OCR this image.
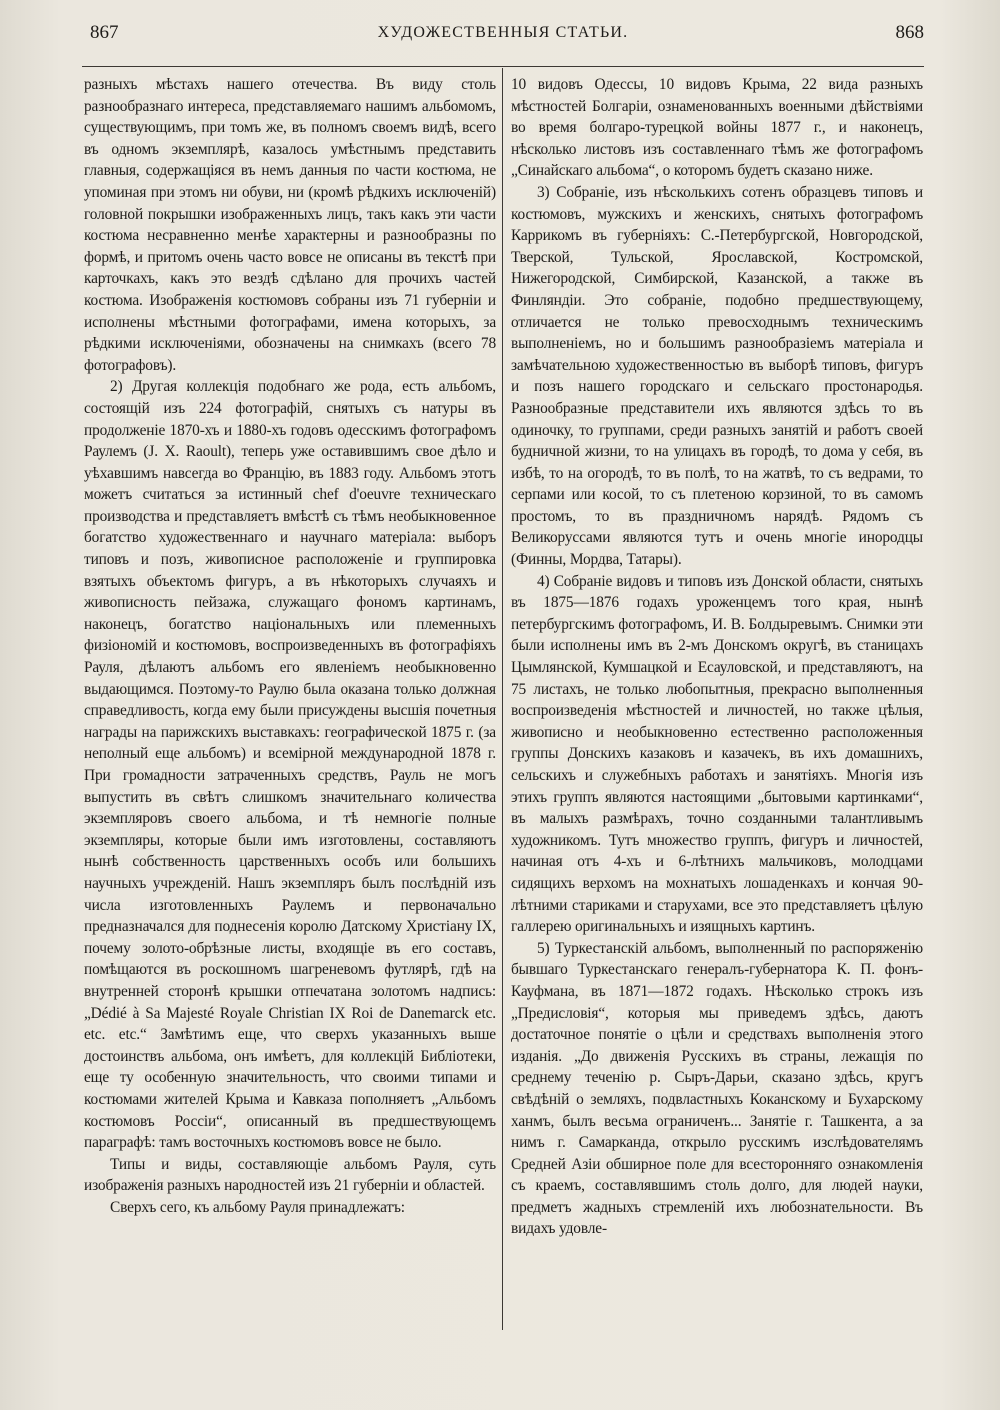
867	ХУДОЖЕСТВЕННЫЯ СТАТЬИ.	868

разныхъ мѣстахъ нашего отечества. Въ виду столь разнообразнаго интереса, представляемаго нашимъ альбомомъ, существующимъ, при томъ же, въ полномъ своемъ видѣ, всего въ одномъ экземплярѣ, казалось умѣстнымъ представить главныя, содержащіяся въ немъ данныя по части костюма, не упоминая при этомъ ни обуви, ни (кромѣ рѣдкихъ исключеній) головной покрышки изображенныхъ лицъ, такъ какъ эти части костюма несравненно менѣе характерны и разнообразны по формѣ, и притомъ очень часто вовсе не описаны въ текстѣ при карточкахъ, какъ это вездѣ сдѣлано для прочихъ частей костюма. Изображенія костюмовъ собраны изъ 71 губерніи и исполнены мѣстными фотографами, имена которыхъ, за рѣдкими исключеніями, обозначены на снимкахъ (всего 78 фотографовъ).

2) Другая коллекція подобнаго же рода, есть альбомъ, состоящій изъ 224 фотографій, снятыхъ съ натуры въ продолженіе 1870-хъ и 1880-хъ годовъ одесскимъ фотографомъ Раулемъ (J. X. Raoult), теперь уже оставившимъ свое дѣло и уѣхавшимъ навсегда во Францію, въ 1883 году. Альбомъ этотъ можетъ считаться за истинный chef d'oeuvre техническаго производства и представляетъ вмѣстѣ съ тѣмъ необыкновенное богатство художественнаго и научнаго матеріала: выборъ типовъ и позъ, живописное расположеніе и группировка взятыхъ объектомъ фигуръ, а въ нѣкоторыхъ случаяхъ и живописность пейзажа, служащаго фономъ картинамъ, наконецъ, богатство національныхъ или племенныхъ физіономій и костюмовъ, воспроизведенныхъ въ фотографіяхъ Рауля, дѣлаютъ альбомъ его явленіемъ необыкновенно выдающимся. Поэтому-то Раулю была оказана только должная справедливость, когда ему были присуждены высшія почетныя награды на парижскихъ выставкахъ: географической 1875 г. (за неполный еще альбомъ) и всемірной международной 1878 г. При громадности затраченныхъ средствъ, Рауль не могъ выпустить въ свѣтъ слишкомъ значительнаго количества экземпляровъ своего альбома, и тѣ немногіе полные экземпляры, которые были имъ изготовлены, составляютъ нынѣ собственность царственныхъ особъ или большихъ научныхъ учрежденій. Нашъ экземпляръ былъ послѣдній изъ числа изготовленныхъ Раулемъ и первоначально предназначался для поднесенія королю Датскому Христіану IX, почему золото-обрѣзные листы, входящіе въ его составъ, помѣщаются въ роскошномъ шагреневомъ футлярѣ, гдѣ на внутренней сторонѣ крышки отпечатана золотомъ надпись: „Dédié à Sa Majesté Royale Christian IX Roi de Danemarck etc. etc. etc.“ Замѣтимъ еще, что сверхъ указанныхъ выше достоинствъ альбома, онъ имѣетъ, для коллекцій Библіотеки, еще ту особенную значительность, что своими типами и костюмами жителей Крыма и Кавказа пополняетъ „Альбомъ костюмовъ Россіи“, описанный въ предшествующемъ параграфѣ: тамъ восточныхъ костюмовъ вовсе не было.

Типы и виды, составляющіе альбомъ Рауля, суть изображенія разныхъ народностей изъ 21 губерніи и областей.

Сверхъ сего, къ альбому Рауля принадлежатъ:

10 видовъ Одессы, 10 видовъ Крыма, 22 вида разныхъ мѣстностей Болгаріи, ознаменованныхъ военными дѣйствіями во время болгаро-турецкой войны 1877 г., и наконецъ, нѣсколько листовъ изъ составленнаго тѣмъ же фотографомъ „Синайскаго альбома“, о которомъ будетъ сказано ниже.

3) Собраніе, изъ нѣсколькихъ сотенъ образцевъ типовъ и костюмовъ, мужскихъ и женскихъ, снятыхъ фотографомъ Каррикомъ въ губерніяхъ: С.-Петербургской, Новгородской, Тверской, Тульской, Ярославской, Костромской, Нижегородской, Симбирской, Казанской, а также въ Финляндіи. Это собраніе, подобно предшествующему, отличается не только превосходнымъ техническимъ выполненіемъ, но и большимъ разнообразіемъ матеріала и замѣчательною художественностью въ выборѣ типовъ, фигуръ и позъ нашего городскаго и сельскаго простонародья. Разнообразные представители ихъ являются здѣсь то въ одиночку, то группами, среди разныхъ занятій и работъ своей будничной жизни, то на улицахъ въ городѣ, то дома у себя, въ избѣ, то на огородѣ, то въ полѣ, то на жатвѣ, то съ ведрами, то серпами или косой, то съ плетеною корзиной, то въ самомъ простомъ, то въ праздничномъ нарядѣ. Рядомъ съ Великоруссами являются тутъ и очень многіе инородцы (Финны, Мордва, Татары).

4) Собраніе видовъ и типовъ изъ Донской области, снятыхъ въ 1875—1876 годахъ уроженцемъ того края, нынѣ петербургскимъ фотографомъ, И. В. Болдыревымъ. Снимки эти были исполнены имъ въ 2-мъ Донскомъ округѣ, въ станицахъ Цымлянской, Кумшацкой и Есауловской, и представляютъ, на 75 листахъ, не только любопытныя, прекрасно выполненныя воспроизведенія мѣстностей и личностей, но также цѣлыя, живописно и необыкновенно естественно расположенныя группы Донскихъ казаковъ и казачекъ, въ ихъ домашнихъ, сельскихъ и служебныхъ работахъ и занятіяхъ. Многія изъ этихъ группъ являются настоящими „бытовыми картинками“, въ малыхъ размѣрахъ, точно созданными талантливымъ художникомъ. Тутъ множество группъ, фигуръ и личностей, начиная отъ 4-хъ и 6-лѣтнихъ мальчиковъ, молодцами сидящихъ верхомъ на мохнатыхъ лошаденкахъ и кончая 90-лѣтними стариками и старухами, все это представляетъ цѣлую галлерею оригинальныхъ и изящныхъ картинъ.

5) Туркестанскій альбомъ, выполненный по распоряженію бывшаго Туркестанскаго генералъ-губернатора К. П. фонъ-Кауфмана, въ 1871—1872 годахъ. Нѣсколько строкъ изъ „Предисловія“, которыя мы приведемъ здѣсь, даютъ достаточное понятіе о цѣли и средствахъ выполненія этого изданія. „До движенія Русскихъ въ страны, лежащія по среднему теченію р. Сыръ-Дарьи, сказано здѣсь, кругъ свѣдѣній о земляхъ, подвластныхъ Коканскому и Бухарскому ханмъ, былъ весьма ограниченъ... Занятіе г. Ташкента, а за нимъ г. Самарканда, открыло русскимъ изслѣдователямъ Средней Азіи обширное поле для всесторонняго ознакомленія съ краемъ, составлявшимъ столь долго, для людей науки, предметъ жадныхъ стремленій ихъ любознательности. Въ видахъ удовле-
